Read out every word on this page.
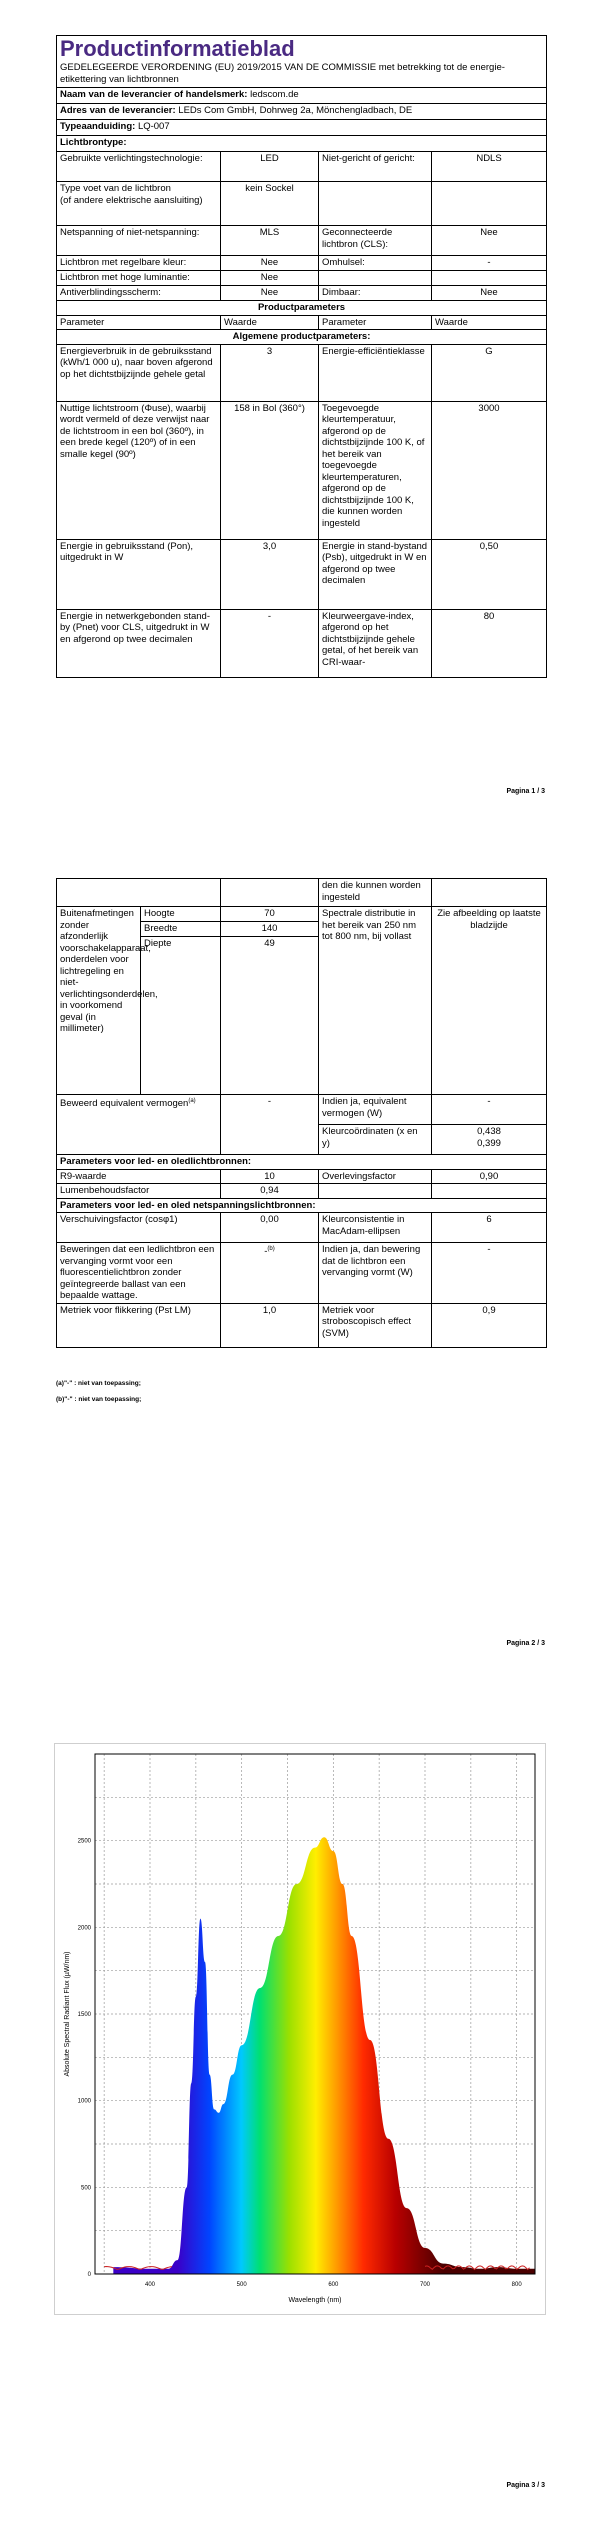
Productinformatieblad
GEDELEGEERDE VERORDENING (EU) 2019/2015 VAN DE COMMISSIE met betrekking tot de energie-etikettering van lichtbronnen

Naam van de leverancier of handelsmerk: ledscom.de
Adres van de leverancier: LEDs Com GmbH, Dohrweg 2a, Mönchengladbach, DE
Typeaanduiding: LQ-007
Lichtbrontype:
Gebruikte verlichtingstechnologie:	LED	Niet-gericht of gericht:	NDLS
Type voet van de lichtbron
(of andere elektrische aansluiting)	kein Sockel		
Netspanning of niet-netspanning:	MLS	Geconnecteerde lichtbron (CLS):	Nee
Lichtbron met regelbare kleur:	Nee	Omhulsel:	-
Lichtbron met hoge luminantie:	Nee		
Antiverblindingsscherm:	Nee	Dimbaar:	Nee
Productparameters			
Parameter	Waarde	Parameter	Waarde
Algemene productparameters:			
Energieverbruik in de gebruiksstand (kWh/1 000 u), naar boven afgerond op het dichtstbijzijnde gehele getal	3	Energie-efficiëntieklasse	G
Nuttige lichtstroom (Φuse), waarbij wordt vermeld of deze verwijst naar de lichtstroom in een bol (360º), in een brede kegel (120º) of in een smalle kegel (90º)	158 in Bol (360°)	Toegevoegde kleurtemperatuur, afgerond op de dichtstbijzijnde 100 K, of het bereik van toegevoegde kleurtemperaturen, afgerond op de dichtstbijzijnde 100 K, die kunnen worden ingesteld	3000
Energie in gebruiksstand (Pon), uitgedrukt in W	3,0	Energie in stand-bystand (Psb), uitgedrukt in W en afgerond op twee decimalen	0,50
Energie in netwerkgebonden stand-by (Pnet) voor CLS, uitgedrukt in W en afgerond op twee decimalen	-	Kleurweergave-index, afgerond op het dichtstbijzijnde gehele getal, of het bereik van CRI-waar-	80
Pagina 1 / 3
			den die kunnen worden ingesteld	
Buitenafmetingen zonder afzonderlijk voorschakelapparaat, onderdelen voor lichtregeling en niet-verlichtingsonderdelen, in voorkomend geval (in millimeter)	Hoogte	70	Spectrale distributie in het bereik van 250 nm tot 800 nm, bij vollast	Zie afbeelding op laatste bladzijde
	Breedte	140		
	Diepte	49		
Beweerd equivalent vermogen$^{(a)}$		-	Indien ja, equivalent vermogen (W)	-
			Kleurcoördinaten (x en y)	0,438
0,399

Parameters voor led- en oledlichtbronnen:				
R9-waarde		10	Overlevingsfactor	0,90
Lumenbehoudsfactor		0,94		
Parameters voor led- en oled netspanningslichtbronnen:				
Verschuivingsfactor (cosφ1)		0,00	Kleurconsistentie in MacAdam-ellipsen	6
Beweringen dat een ledlichtbron een vervanging vormt voor een fluorescentielichtbron zonder geïntegreerde ballast van een bepaalde wattage.		-$^{(b)}$	Indien ja, dan bewering dat de lichtbron een vervanging vormt (W)	-
Metriek voor flikkering (Pst LM)		1,0	Metriek voor stroboscopisch effect (SVM)	0,9
(a)"-" : niet van toepassing;
(b)"-" : niet van toepassing;
Pagina 2 / 3
400	500	600	700	800
0
500
1000
1500
2000
2500
Wavelength (nm)
Absolute Spectral Radiant Flux (µW/nm)
Pagina 3 / 3
